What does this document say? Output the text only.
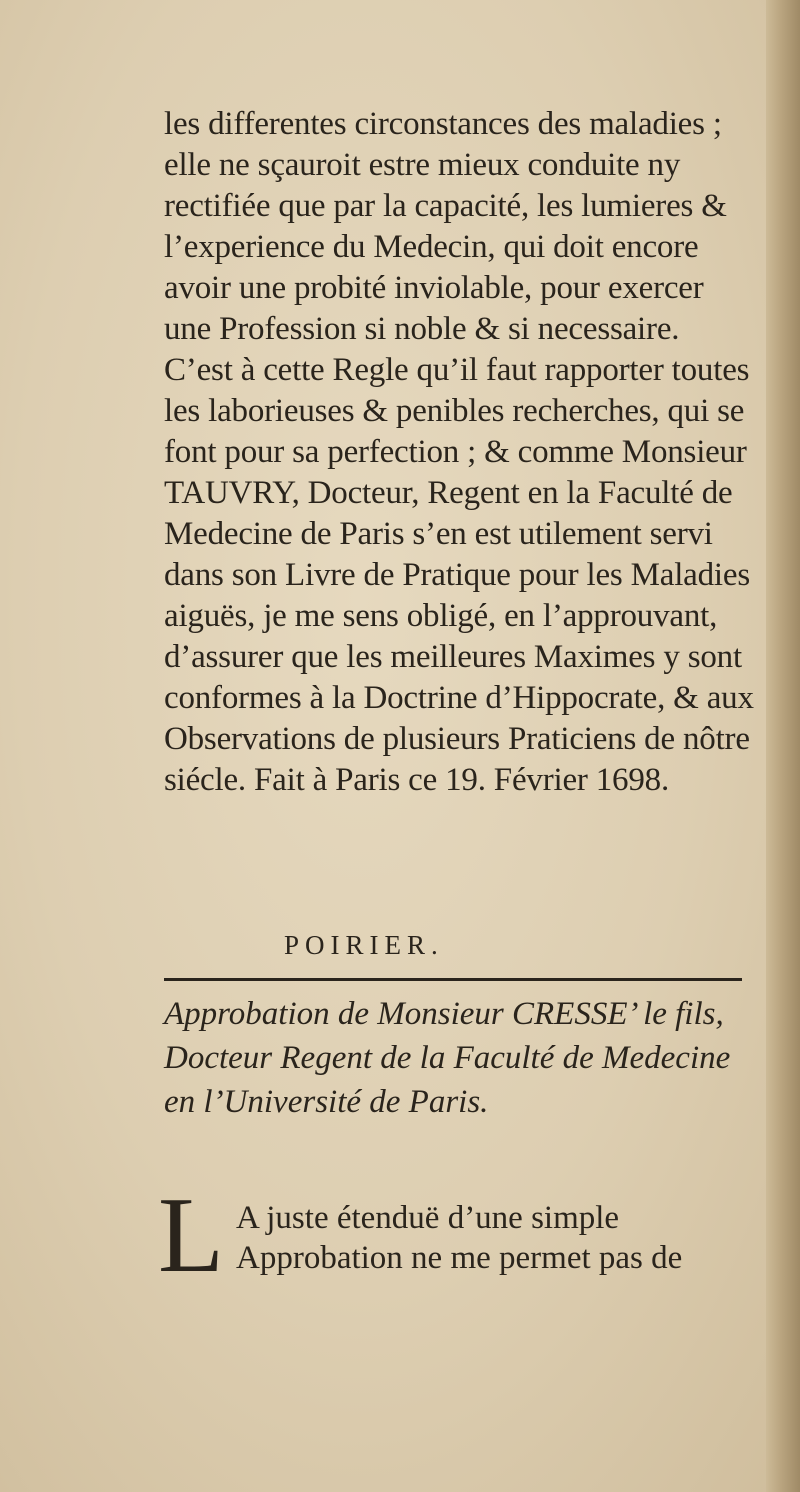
les differentes circonstances des maladies ; elle ne sçauroit estre mieux conduite ny rectifiée que par la capacité, les lumieres & l’experience du Medecin, qui doit encore avoir une probité inviolable, pour exercer une Profession si noble & si necessaire. C’est à cette Regle qu’il faut rapporter toutes les laborieuses & penibles recherches, qui se font pour sa perfection ; & comme Monsieur TAUVRY, Docteur, Regent en la Faculté de Medecine de Paris s’en est utilement servi dans son Livre de Pratique pour les Maladies aiguës, je me sens obligé, en l’approuvant, d’assurer que les meilleures Maximes y sont conformes à la Doctrine d’Hippocrate, & aux Observations de plusieurs Praticiens de nôtre siécle. Fait à Paris ce 19. Février 1698.

POIRIER.

Approbation de Monsieur CRESSE’ le fils, Docteur Regent de la Faculté de Medecine en l’Université de Paris.

L A juste étenduë d’une simple Approbation ne me permet pas de
